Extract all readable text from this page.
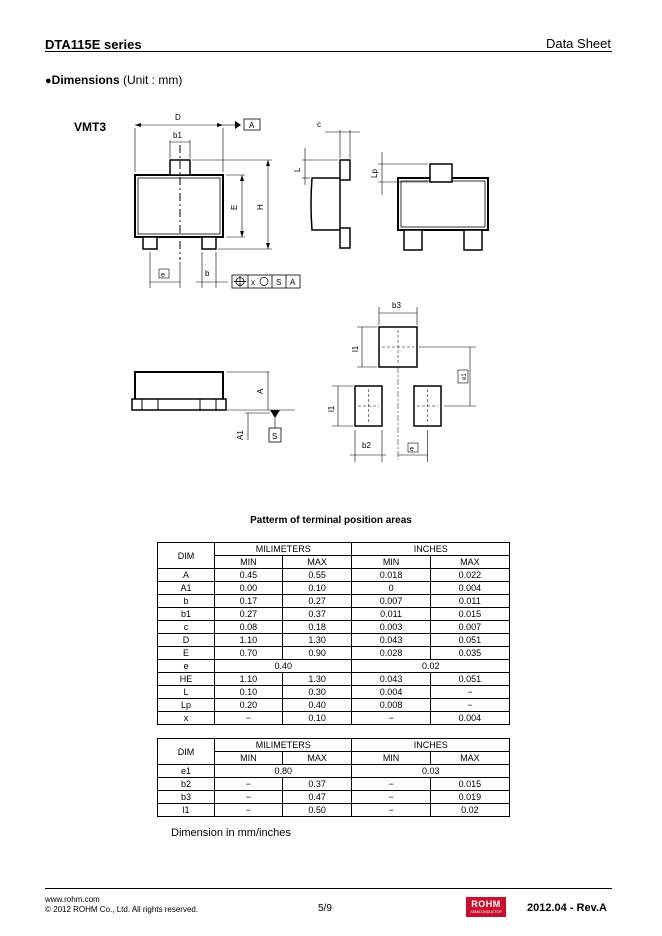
DTA115E series	Data Sheet
●Dimensions (Unit : mm)
VMT3
D
A
b1
E H
e	b
x	S A
c
L	Lp
A
A1	S
b3
l1
l1
e1
b2	e
Patterm of terminal position areas
DIM	MILIMETERS		INCHES	
	MIN	MAX	MIN	MAX
A	0.45	0.55	0.018	0.022
A1	0.00	0.10	0	0.004
b	0.17	0.27	0.007	0.011
b1	0.27	0.37	0.011	0.015
c	0.08	0.18	0.003	0.007
D	1.10	1.30	0.043	0.051
E	0.70	0.90	0.028	0.035
e	0.40		0.02	
HE	1.10	1.30	0.043	0.051
L	0.10	0.30	0.004	−
Lp	0.20	0.40	0.008	−
x	−	0.10	−	0.004
DIM	MILIMETERS		INCHES	
	MIN	MAX	MIN	MAX
e1	0.80		0.03	
b2	−	0.37	−	0.015
b3	−	0.47	−	0.019
l1	−	0.50	−	0.02
Dimension in mm/inches
www.rohm.com
© 2012 ROHM Co., Ltd. All rights reserved.	5/9	ROHM
SEMICONDUCTOR	2012.04 - Rev.A
